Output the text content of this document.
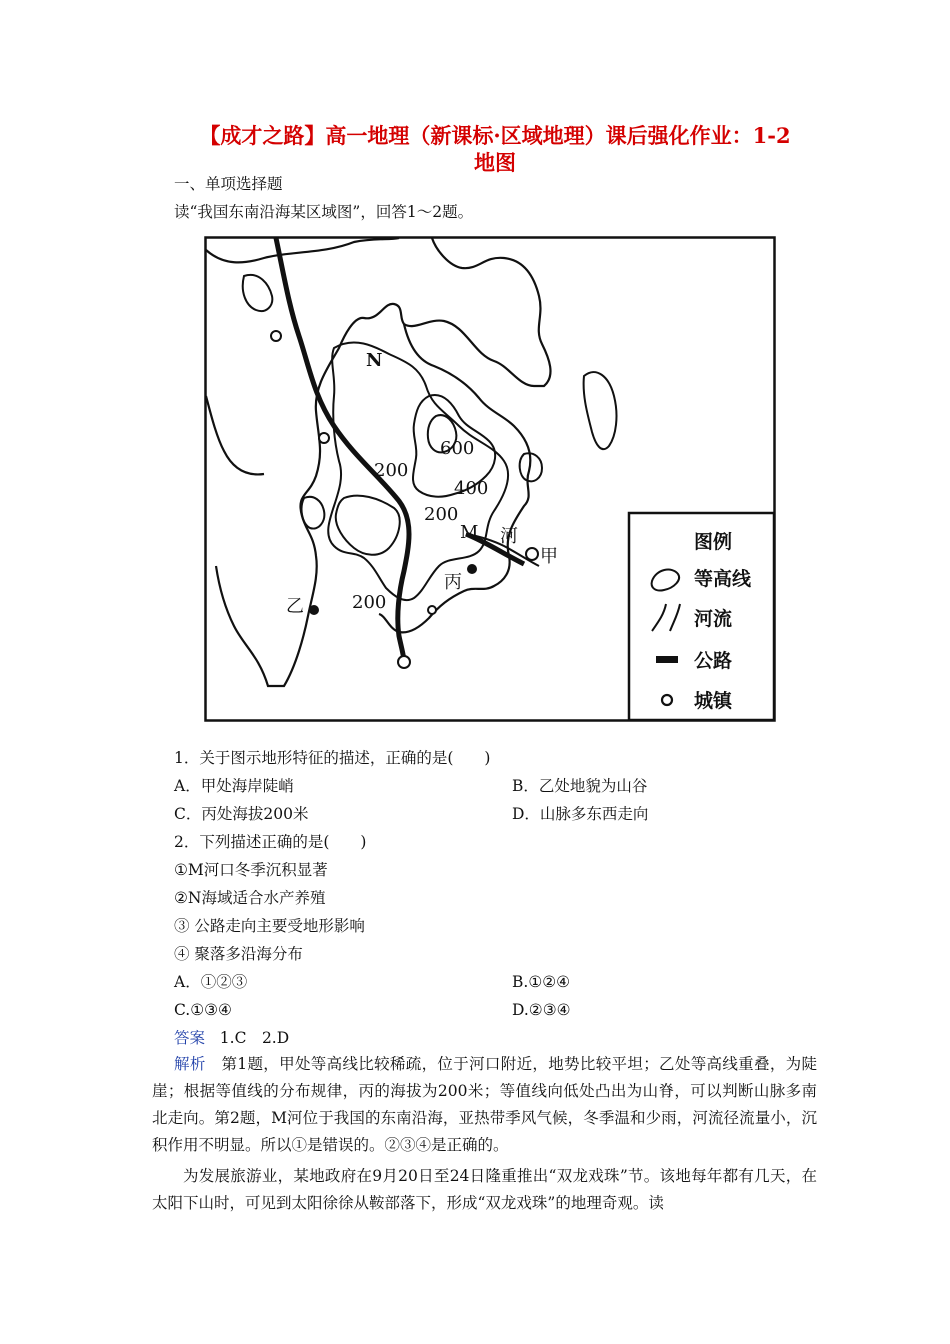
【成才之路】高一地理（新课标·区域地理）课后强化作业：1-2
地图
一、单项选择题
读“我国东南沿海某区域图”，回答1～2题。
N
600
400
200
200
200
M 河
甲
丙
乙
图例
等高线
河流
公路
城镇
1．关于图示地形特征的描述，正确的是(　　)
A．甲处海岸陡峭	B．乙处地貌为山谷
C．丙处海拔200米	D．山脉多东西走向
2．下列描述正确的是(　　)
①M河口冬季沉积显著
②N海域适合水产养殖
③ 公路走向主要受地形影响
④ 聚落多沿海分布
A．①②③	B.①②④
C.①③④	D.②③④
答案 1.C　2.D
解析 第1题，甲处等高线比较稀疏，位于河口附近，地势比较平坦；乙处等高线重叠，为陡崖；根据等值线的分布规律，丙的海拔为200米；等值线向低处凸出为山脊，可以判断山脉多南北走向。第2题，M河位于我国的东南沿海，亚热带季风气候，冬季温和少雨，河流径流量小，沉积作用不明显。所以①是错误的。②③④是正确的。
为发展旅游业，某地政府在9月20日至24日隆重推出“双龙戏珠”节。该地每年都有几天，在太阳下山时，可见到太阳徐徐从鞍部落下，形成“双龙戏珠”的地理奇观。读
